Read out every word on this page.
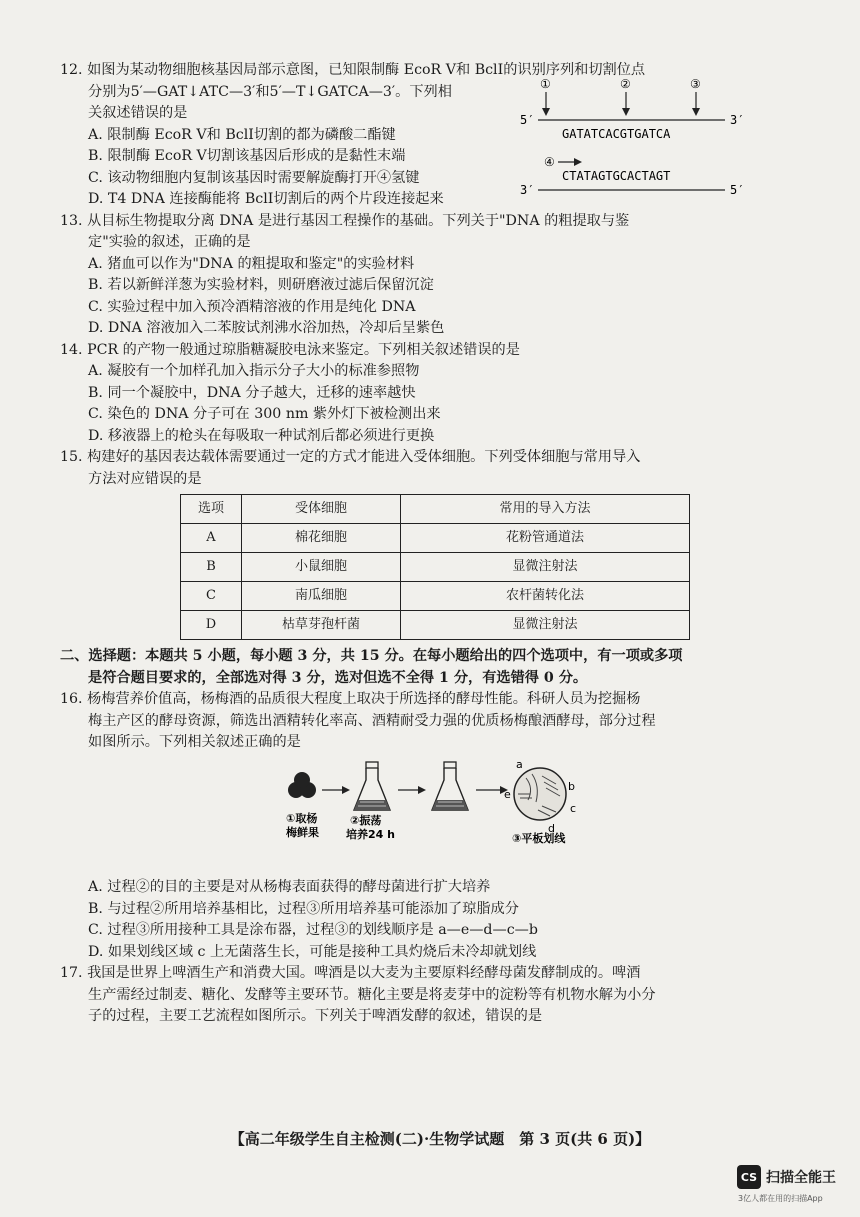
12. 如图为某动物细胞核基因局部示意图，已知限制酶 EcoR Ⅴ和 BclⅠ的识别序列和切割位点
分别为5′—GAT↓ATC—3′和5′—T↓GATCA—3′。下列相
关叙述错误的是
A. 限制酶 EcoR Ⅴ和 BclⅠ切割的都为磷酸二酯键
B. 限制酶 EcoR Ⅴ切割该基因后形成的是黏性末端
C. 该动物细胞内复制该基因时需要解旋酶打开④氢键
D. T4 DNA 连接酶能将 BclⅠ切割后的两个片段连接起来
①	②	③
5′	3′
GATATCACGTGATCA
④
CTATAGTGCACTAGT
3′	5′
13. 从目标生物提取分离 DNA 是进行基因工程操作的基础。下列关于"DNA 的粗提取与鉴
定"实验的叙述，正确的是
A. 猪血可以作为"DNA 的粗提取和鉴定"的实验材料
B. 若以新鲜洋葱为实验材料，则研磨液过滤后保留沉淀
C. 实验过程中加入预冷酒精溶液的作用是纯化 DNA
D. DNA 溶液加入二苯胺试剂沸水浴加热，冷却后呈紫色
14. PCR 的产物一般通过琼脂糖凝胶电泳来鉴定。下列相关叙述错误的是
A. 凝胶有一个加样孔加入指示分子大小的标准参照物
B. 同一个凝胶中，DNA 分子越大，迁移的速率越快
C. 染色的 DNA 分子可在 300 nm 紫外灯下被检测出来
D. 移液器上的枪头在每吸取一种试剂后都必须进行更换
15. 构建好的基因表达载体需要通过一定的方式才能进入受体细胞。下列受体细胞与常用导入
方法对应错误的是
选项	受体细胞	常用的导入方法
A	棉花细胞	花粉管通道法
B	小鼠细胞	显微注射法
C	南瓜细胞	农杆菌转化法
D	枯草芽孢杆菌	显微注射法
二、选择题：本题共 5 小题，每小题 3 分，共 15 分。在每小题给出的四个选项中，有一项或多项
是符合题目要求的，全部选对得 3 分，选对但选不全得 1 分，有选错得 0 分。
16. 杨梅营养价值高，杨梅酒的品质很大程度上取决于所选择的酵母性能。科研人员为挖掘杨
梅主产区的酵母资源，筛选出酒精转化率高、酒精耐受力强的优质杨梅酿酒酵母，部分过程
如图所示。下列相关叙述正确的是
①取杨
梅鲜果
②振荡
培养24 h
a
b
c
d
e
③平板划线
A. 过程②的目的主要是对从杨梅表面获得的酵母菌进行扩大培养
B. 与过程②所用培养基相比，过程③所用培养基可能添加了琼脂成分
C. 过程③所用接种工具是涂布器，过程③的划线顺序是 a—e—d—c—b
D. 如果划线区域 c 上无菌落生长，可能是接种工具灼烧后未冷却就划线
17. 我国是世界上啤酒生产和消费大国。啤酒是以大麦为主要原料经酵母菌发酵制成的。啤酒
生产需经过制麦、糖化、发酵等主要环节。糖化主要是将麦芽中的淀粉等有机物水解为小分
子的过程，主要工艺流程如图所示。下列关于啤酒发酵的叙述，错误的是
【高二年级学生自主检测(二)·生物学试题　第 3 页(共 6 页)】
CS 扫描全能王
3亿人都在用的扫描App
